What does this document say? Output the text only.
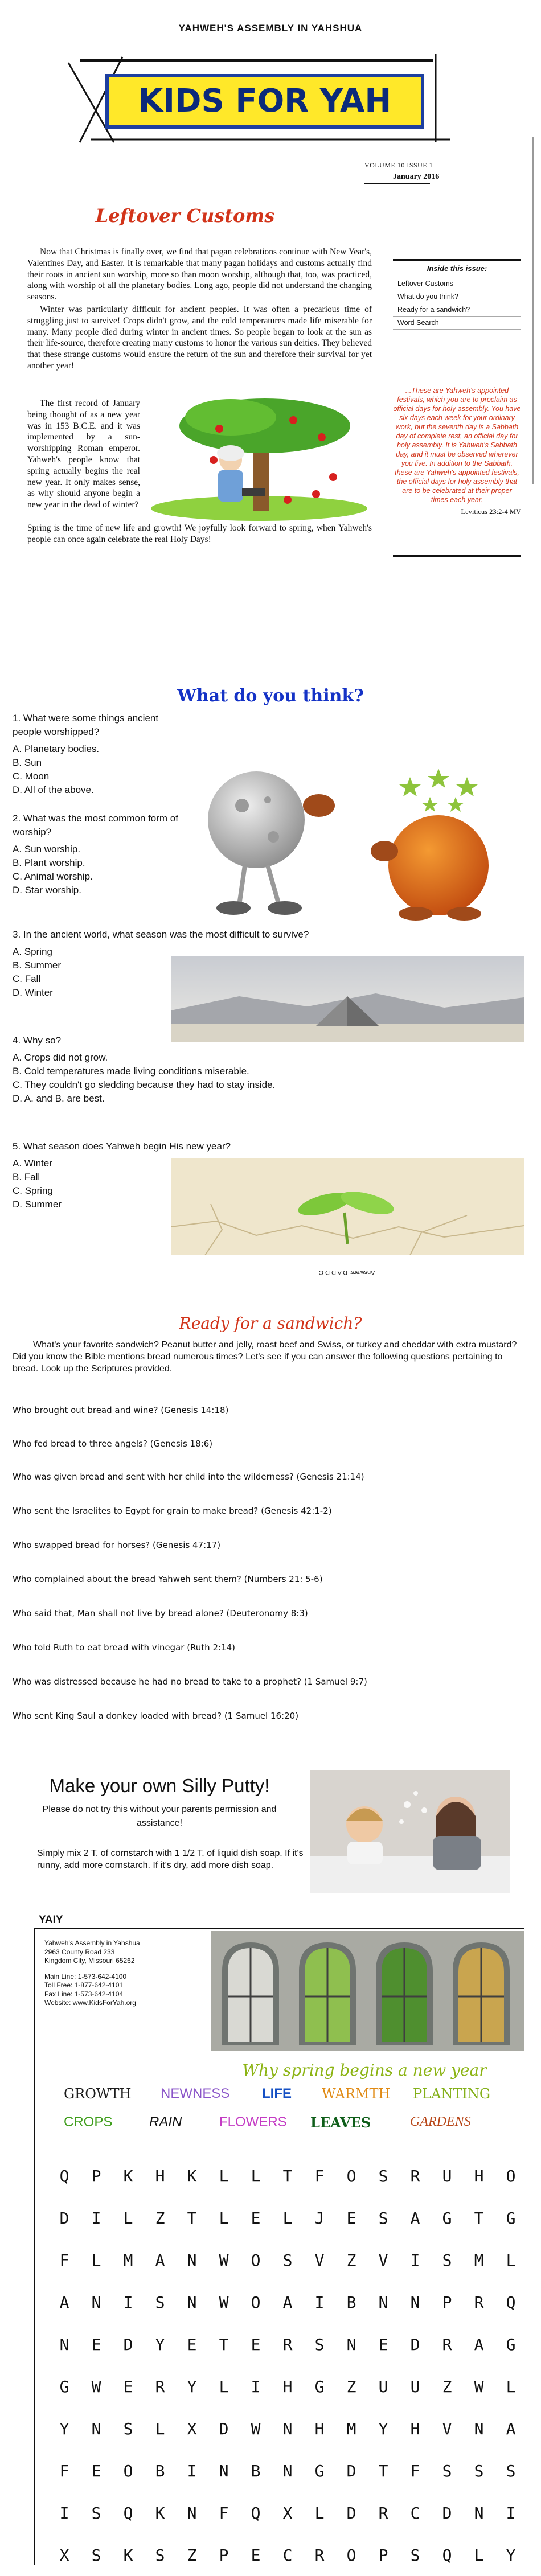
YAHWEH'S ASSEMBLY IN YAHSHUA
KIDS FOR YAH
VOLUME 10 ISSUE 1
January 2016
Leftover Customs

Now that Christmas is finally over, we find that pagan celebrations continue with New Year's, Valentines Day, and Easter. It is remarkable that many pagan holidays and customs actually find their roots in ancient sun worship, more so than moon worship, although that, too, was practiced, along with worship of all the planetary bodies. Long ago, people did not understand the changing seasons.

Winter was particularly difficult for ancient peoples. It was often a precarious time of struggling just to survive! Crops didn't grow, and the cold temperatures made life miserable for many. Many people died during winter in ancient times. So people began to look at the sun as their life-source, therefore creating many customs to honor the various sun deities. They believed that these strange customs would ensure the return of the sun and therefore their survival for yet another year!

The first record of January being thought of as a new year was in 153 B.C.E. and it was implemented by a sun-worshipping Roman emperor. Yahweh's people know that spring actually begins the real new year. It only makes sense, as why should anyone begin a new year in the dead of winter?

Spring is the time of new life and growth! We joyfully look forward to spring, when Yahweh's people can once again celebrate the real Holy Days!

Inside this issue:
Leftover Customs
What do you think?
Ready for a sandwich?
Word Search

...These are Yahweh's appointed festivals, which you are to proclaim as official days for holy assembly. You have six days each week for your ordinary work, but the seventh day is a Sabbath day of complete rest, an official day for holy assembly. It is Yahweh's Sabbath day, and it must be observed wherever you live. In addition to the Sabbath, these are Yahweh's appointed festivals, the official days for holy assembly that are to be celebrated at their proper times each year.

Leviticus 23:2-4 MV
What do you think?

1. What were some things ancient people worshipped?

A. Planetary bodies.

B. Sun

C. Moon

D. All of the above.

2. What was the most common form of worship?

A. Sun worship.

B. Plant worship.

C. Animal worship.

D. Star worship.

3. In the ancient world, what season was the most difficult to survive?

A. Spring

B. Summer

C. Fall

D. Winter

4. Why so?

A. Crops did not grow.

B. Cold temperatures made living conditions miserable.

C. They couldn't go sledding because they had to stay inside.

D. A. and B. are best.

5. What season does Yahweh begin His new year?

A. Winter

B. Fall

C. Spring

D. Summer

Answers: D A D D C
Ready for a sandwich?

What's your favorite sandwich? Peanut butter and jelly, roast beef and Swiss, or turkey and cheddar with extra mustard? Did you know the Bible mentions bread numerous times? Let's see if you can answer the following questions pertaining to bread. Look up the Scriptures provided.

Who brought out bread and wine? (Genesis 14:18)
Who fed bread to three angels? (Genesis 18:6)
Who was given bread and sent with her child into the wilderness? (Genesis 21:14)
Who sent the Israelites to Egypt for grain to make bread? (Genesis 42:1-2)
Who swapped bread for horses? (Genesis 47:17)
Who complained about the bread Yahweh sent them? (Numbers 21: 5-6)
Who said that, Man shall not live by bread alone? (Deuteronomy 8:3)
Who told Ruth to eat bread with vinegar (Ruth 2:14)
Who was distressed because he had no bread to take to a prophet? (1 Samuel 9:7)
Who sent King Saul a donkey loaded with bread? (1 Samuel 16:20)
Make your own Silly Putty!
Please do not try this without your parents permission and assistance!
Simply mix 2 T. of cornstarch with 1 1/2 T. of liquid dish soap. If it's runny, add more cornstarch. If it's dry, add more dish soap.
YAIY
Yahweh's Assembly in Yahshua
2963 County Road 233
Kingdom City, Missouri 65262
Main Line: 1-573-642-4100
Toll Free: 1-877-642-4101
Fax Line: 1-573-642-4104
Website: www.KidsForYah.org
Why spring begins a new year
GROWTH NEWNESS LIFE WARMTH PLANTING
CROPS	RAIN	FLOWERS LEAVES	GARDENS
Q	P	K	H	K	L	L	T	F	O	S	R	U	H	O
D	I	L	Z	T	L	E	L	J	E	S	A	G	T	G
F	L	M	A	N	W	O	S	V	Z	V	I	S	M	L
A	N	I	S	N	W	O	A	I	B	N	N	P	R	Q
N	E	D	Y	E	T	E	R	S	N	E	D	R	A	G
G	W	E	R	Y	L	I	H	G	Z	U	U	Z	W	L
Y	N	S	L	X	D	W	N	H	M	Y	H	V	N	A
F	E	O	B	I	N	B	N	G	D	T	F	S	S	S
I	S	Q	K	N	F	Q	X	L	D	R	C	D	N	I
X	S	K	S	Z	P	E	C	R	O	P	S	Q	L	Y
